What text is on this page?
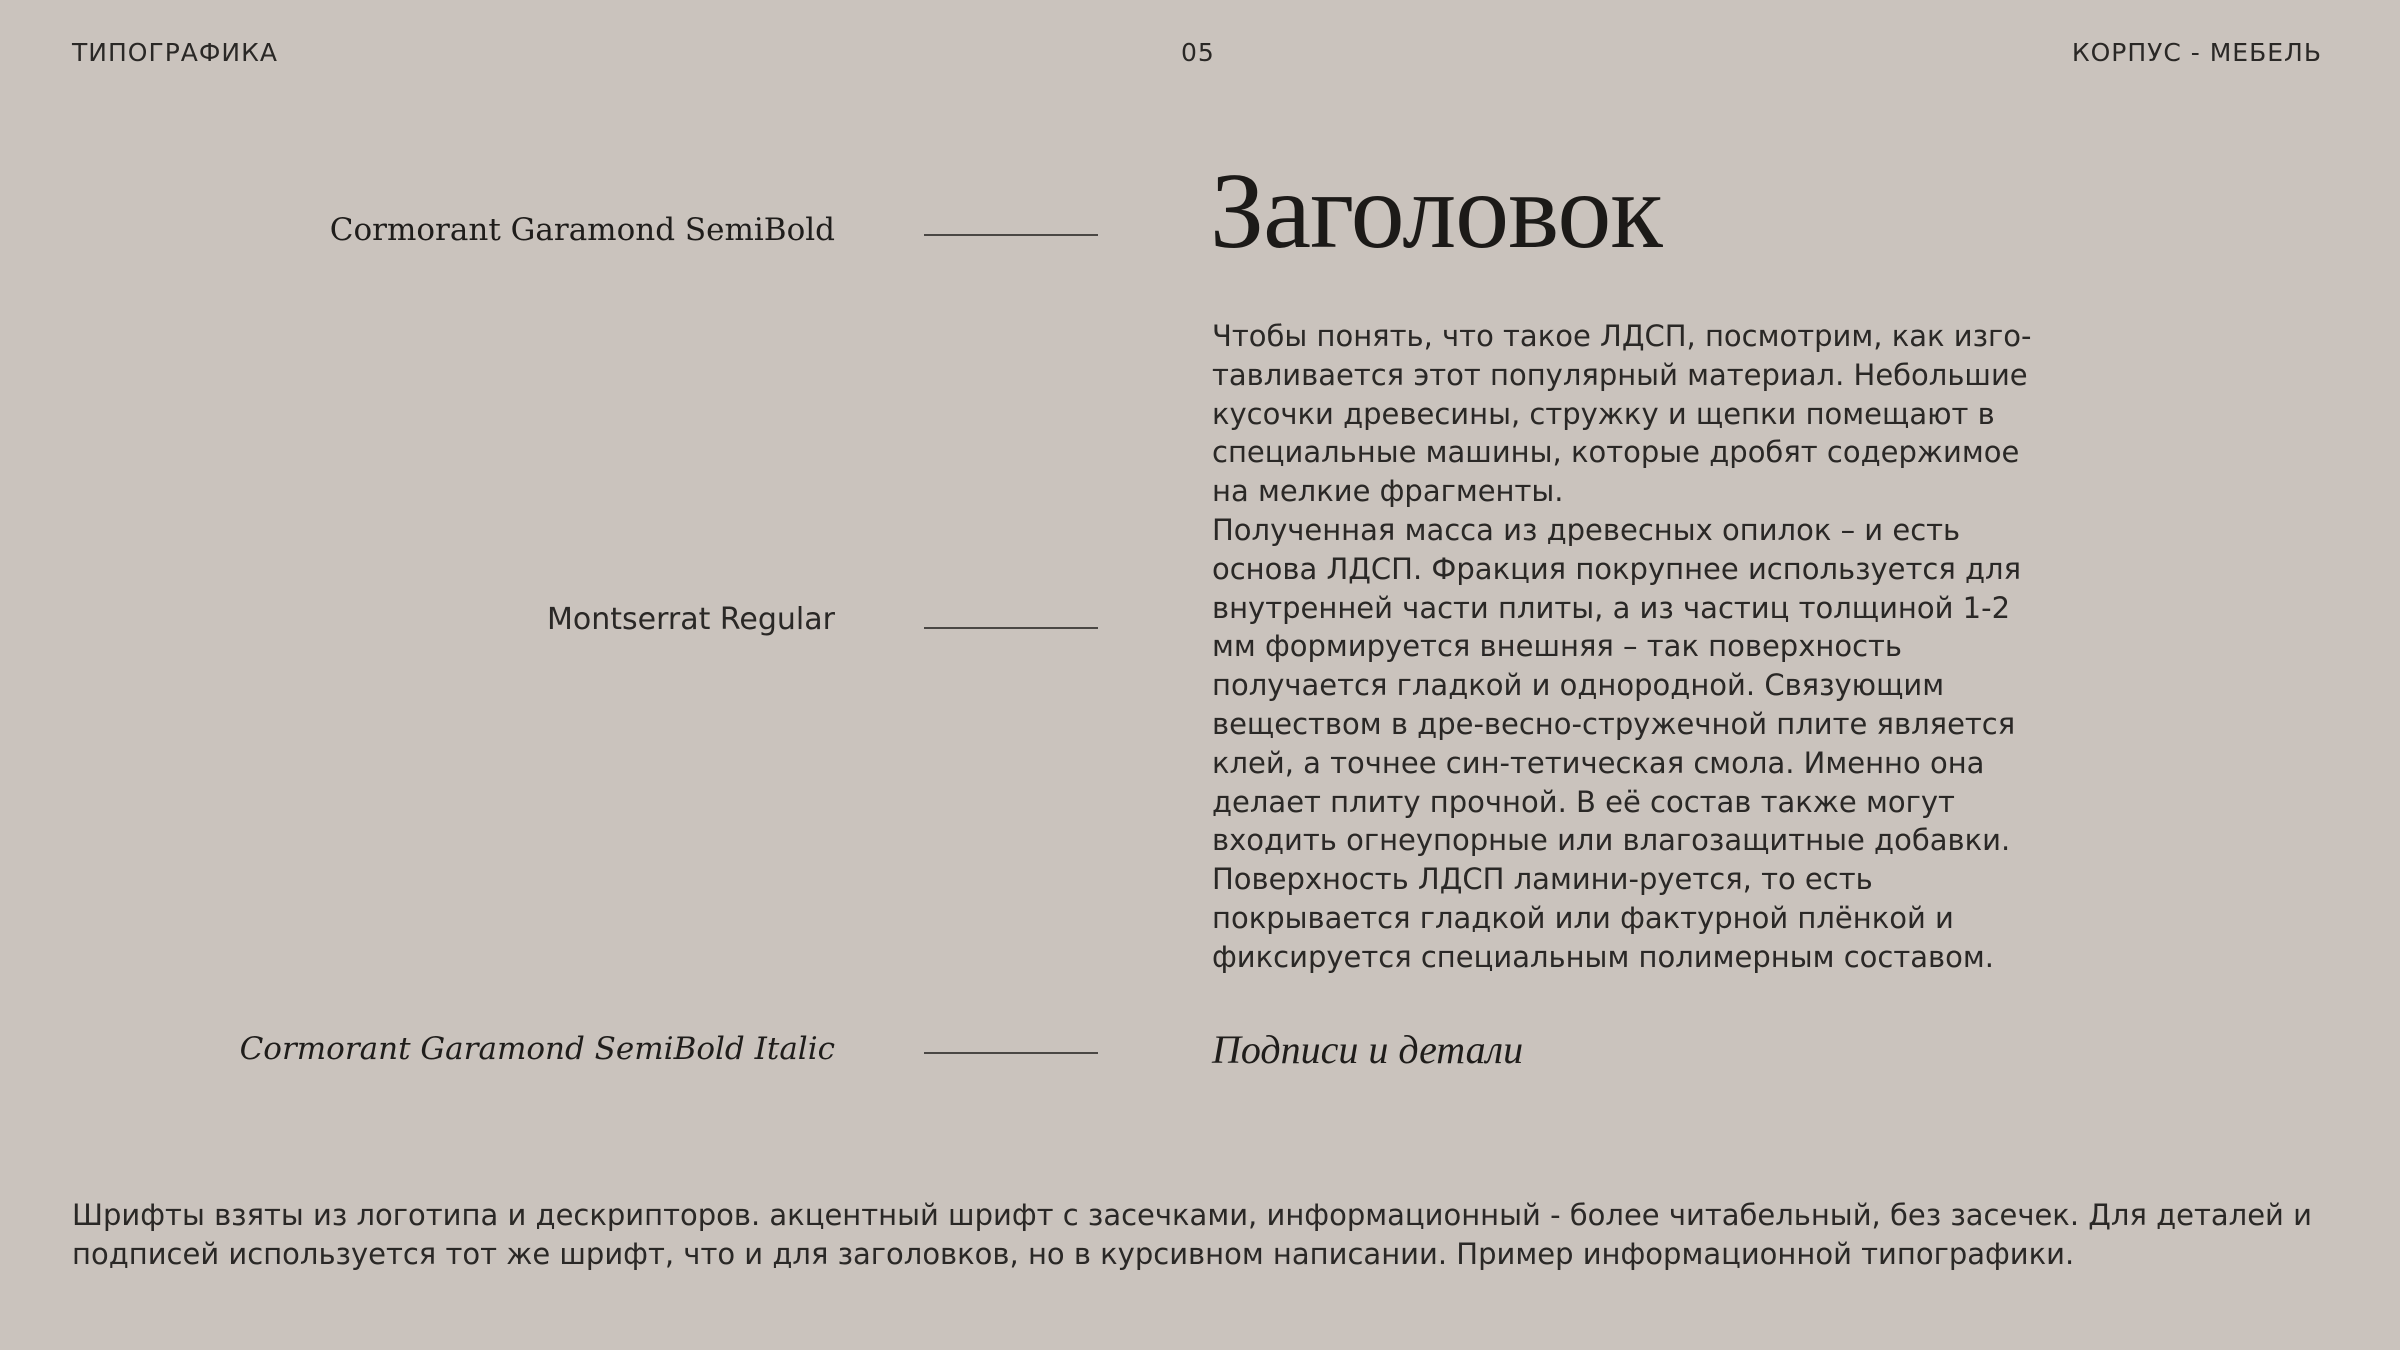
ТИПОГРАФИКА	05	КОРПУС - МЕБЕЛЬ
Cormorant Garamond SemiBold
Montserrat Regular
Cormorant Garamond SemiBold Italic
Заголовок

Чтобы понять, что такое ЛДСП, посмотрим, как изго-тавливается этот популярный материал. Небольшие кусочки древесины, стружку и щепки помещают в специальные машины, которые дробят содержимое на мелкие фрагменты.

Полученная масса из древесных опилок – и есть основа ЛДСП. Фракция покрупнее используется для внутренней части плиты, а из частиц толщиной 1-2 мм формируется внешняя – так поверхность получается гладкой и однородной. Связующим веществом в дре-весно-стружечной плите является клей, а точнее син-тетическая смола. Именно она делает плиту прочной. В её состав также могут входить огнеупорные или влагозащитные добавки. Поверхность ЛДСП ламини-руется, то есть покрывается гладкой или фактурной плёнкой и фиксируется специальным полимерным составом.

Подписи и детали
Шрифты взяты из логотипа и дескрипторов. акцентный шрифт с засечками, информационный - более читабельный, без засечек. Для деталей и подписей используется тот же шрифт, что и для заголовков, но в курсивном написании. Пример информационной типографики.
